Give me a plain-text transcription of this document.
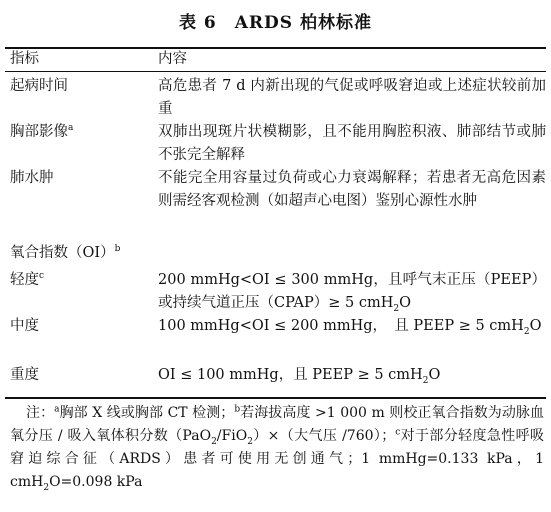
表 6　ARDS 柏林标准
指标	内容
起病时间	高危患者 7 d 内新出现的气促或呼吸窘迫或上述症状较前加重
胸部影像$^a$	双肺出现斑片状模糊影，且不能用胸腔积液、肺部结节或肺不张完全解释
肺水肿	不能完全用容量过负荷或心力衰竭解释；若患者无高危因素则需经客观检测（如超声心电图）鉴别心源性水肿
氧合指数（OI）$^b$	
轻度$^c$	200 mmHg<OI ≤ 300 mmHg，且呼气末正压（PEEP）或持续气道正压（CPAP）≥ 5 cmH$_2$O
中度	100 mmHg<OI ≤ 200 mmHg，　且 PEEP ≥ 5 cmH$_2$O
重度	OI ≤ 100 mmHg，且 PEEP ≥ 5 cmH$_2$O
注：$^a$胸部 X 线或胸部 CT 检测；$^b$若海拔高度 >1 000 m 则校正氧合指数为动脉血氧分压 / 吸入氧体积分数（PaO$_2$/FiO$_2$）×（大气压 /760）；$^c$对于部分轻度急性呼吸窘迫综合征（ARDS）患者可使用无创通气；1 mmHg=0.133 kPa，1 cmH$_2$O=0.098 kPa
